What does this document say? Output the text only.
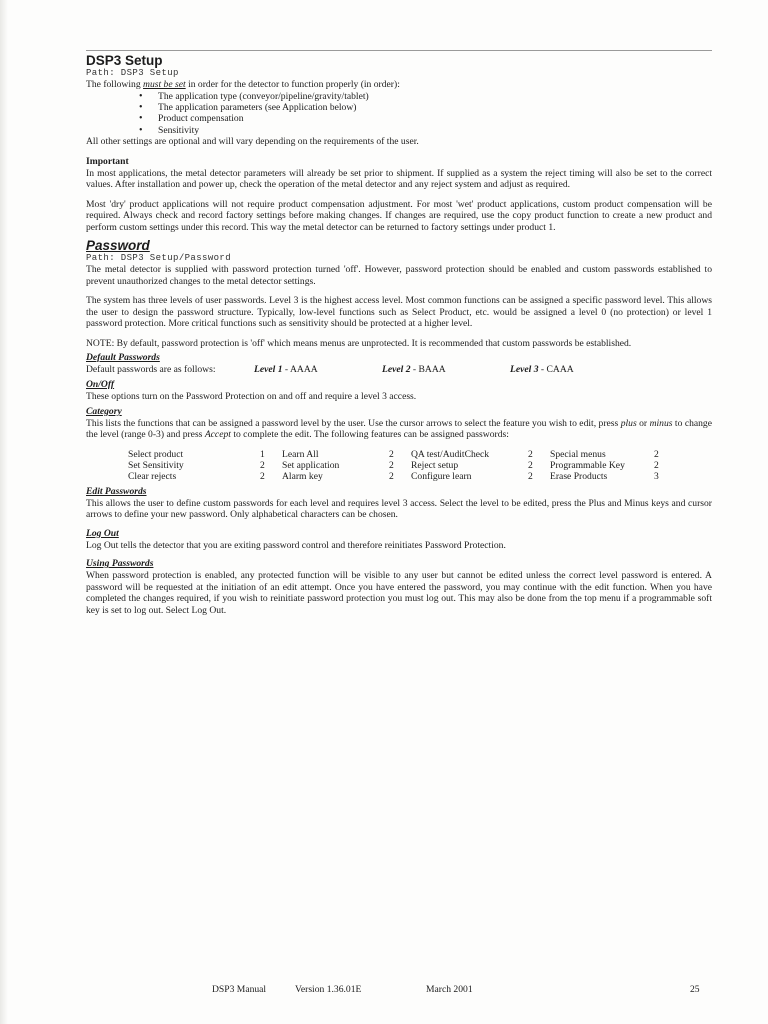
DSP3 Setup
Path: DSP3 Setup

The following must be set in order for the detector to function properly (in order):

• The application type (conveyor/pipeline/gravity/tablet)
• The application parameters (see Application below)
• Product compensation
• Sensitivity

All other settings are optional and will vary depending on the requirements of the user.

Important

In most applications, the metal detector parameters will already be set prior to shipment. If supplied as a system the reject timing will also be set to the correct values. After installation and power up, check the operation of the metal detector and any reject system and adjust as required.

Most 'dry' product applications will not require product compensation adjustment. For most 'wet' product applications, custom product compensation will be required. Always check and record factory settings before making changes. If changes are required, use the copy product function to create a new product and perform custom settings under this record. This way the metal detector can be returned to factory settings under product 1.

Password
Path: DSP3 Setup/Password

The metal detector is supplied with password protection turned 'off'. However, password protection should be enabled and custom passwords established to prevent unauthorized changes to the metal detector settings.

The system has three levels of user passwords. Level 3 is the highest access level. Most common functions can be assigned a specific password level. This allows the user to design the password structure. Typically, low-level functions such as Select Product, etc. would be assigned a level 0 (no protection) or level 1 password protection. More critical functions such as sensitivity should be protected at a higher level.

NOTE: By default, password protection is 'off' which means menus are unprotected. It is recommended that custom passwords be established.
Default Passwords
Default passwords are as follows:	Level 1 - AAAA	Level 2 - BAAA	Level 3 - CAAA
On/Off

These options turn on the Password Protection on and off and require a level 3 access.

Category

This lists the functions that can be assigned a password level by the user. Use the cursor arrows to select the feature you wish to edit, press plus or minus to change the level (range 0-3) and press Accept to complete the edit. The following features can be assigned passwords:

Select product	1	Learn All	2	QA test/AuditCheck	2	Special menus	2
Set Sensitivity	2	Set application	2	Reject setup	2	Programmable Key	2
Clear rejects	2	Alarm key	2	Configure learn	2	Erase Products	3
Edit Passwords

This allows the user to define custom passwords for each level and requires level 3 access. Select the level to be edited, press the Plus and Minus keys and cursor arrows to define your new password. Only alphabetical characters can be chosen.

Log Out

Log Out tells the detector that you are exiting password control and therefore reinitiates Password Protection.

Using Passwords

When password protection is enabled, any protected function will be visible to any user but cannot be edited unless the correct level password is entered. A password will be requested at the initiation of an edit attempt. Once you have entered the password, you may continue with the edit function. When you have completed the changes required, if you wish to reinitiate password protection you must log out. This may also be done from the top menu if a programmable soft key is set to log out. Select Log Out.

DSP3 Manual	Version 1.36.01E	March 2001	25
